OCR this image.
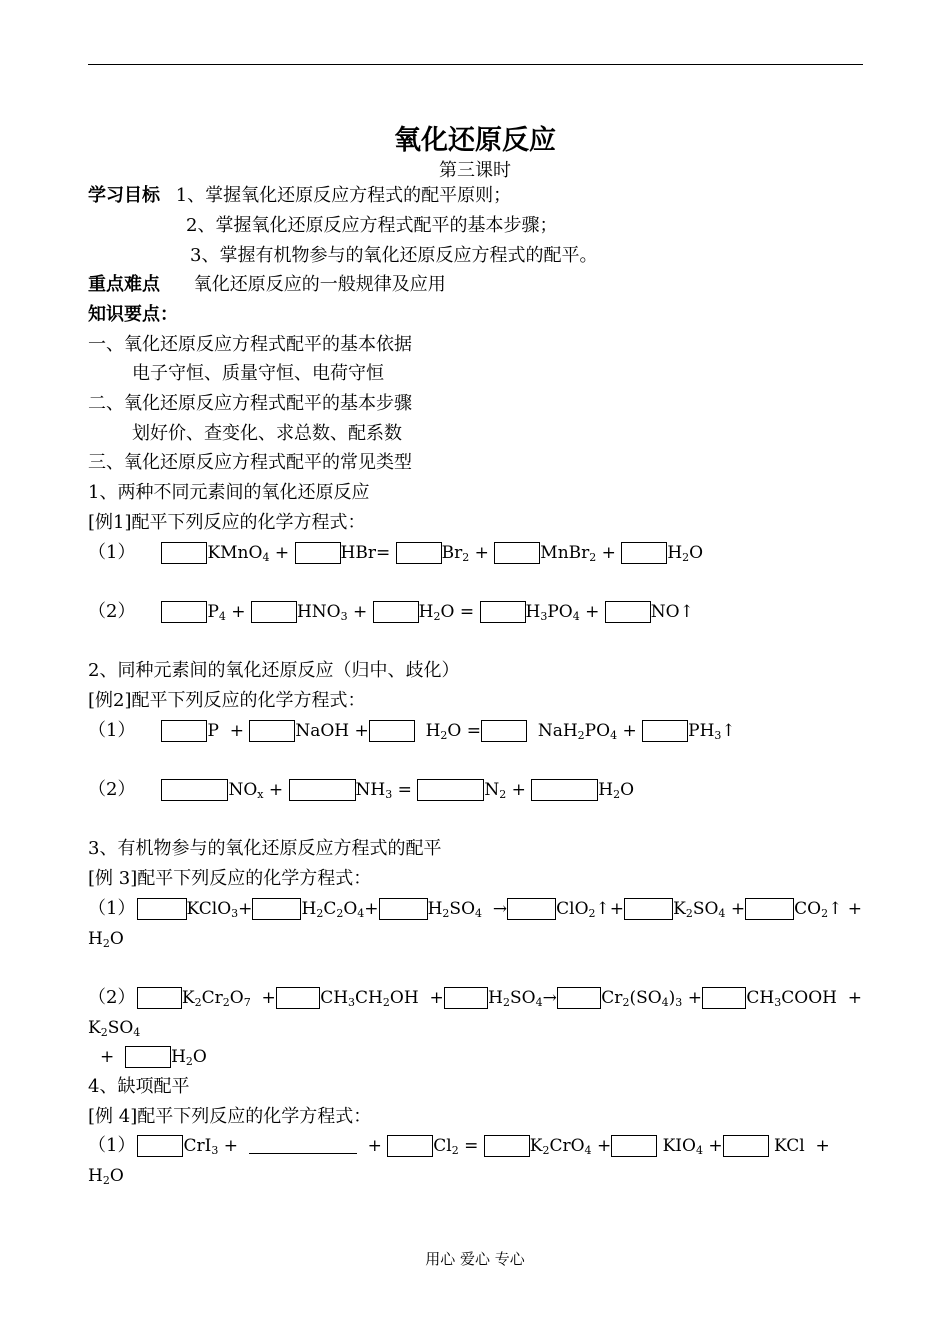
氧化还原反应
第三课时
学习目标 1、掌握氧化还原反应方程式的配平原则；
2、掌握氧化还原反应方程式配平的基本步骤；
3、掌握有机物参与的氧化还原反应方程式的配平。
重点难点 氧化还原反应的一般规律及应用
知识要点：
一、氧化还原反应方程式配平的基本依据
电子守恒、质量守恒、电荷守恒
二、氧化还原反应方程式配平的基本步骤
划好价、查变化、求总数、配系数
三、氧化还原反应方程式配平的常见类型
1、两种不同元素间的氧化还原反应
[例1]配平下列反应的化学方程式：
（1）	KMnO$_4$ +	HBr=	$Br_2$ +	MnBr$_2$ +	$H_2O$
（2）	$P_4$ +	$HNO_3$ +	$H_2O$ =	$H_3PO_4$ +	NO↑
2、同种元素间的氧化还原反应（归中、歧化）
[例2]配平下列反应的化学方程式：
（1）	P  +	NaOH +	$H_2O$ =	$NaH_2PO_4$ +	$PH_3↑$
（2）	$NO_x$ +	$NH_3$ =	$N_2$ +	$H_2O$
3、有机物参与的氧化还原反应方程式的配平
[例 3]配平下列反应的化学方程式：
（1）	KClO$_3$+	$H_2C_2O_4+$	$H_2SO_4$  →	ClO$_2$↑+	$K_2SO_4$ +	$CO_2↑$ +
$H_2O$
（2）	$K_2Cr_2O_7$  +	$CH_3CH_2OH$  +	$H_2SO_4\to$	$Cr_2(SO_4)_3$ +	$CH_3COOH$  +
$K_2SO_4$
+	$H_2O$
4、缺项配平
[例 4]配平下列反应的化学方程式：
（1）	CrI$_3$ +	+	$Cl_2$ =	$K_2CrO_4$ +	$KIO_4$ +	KCl  +
$H_2O$
用心 爱心 专心
